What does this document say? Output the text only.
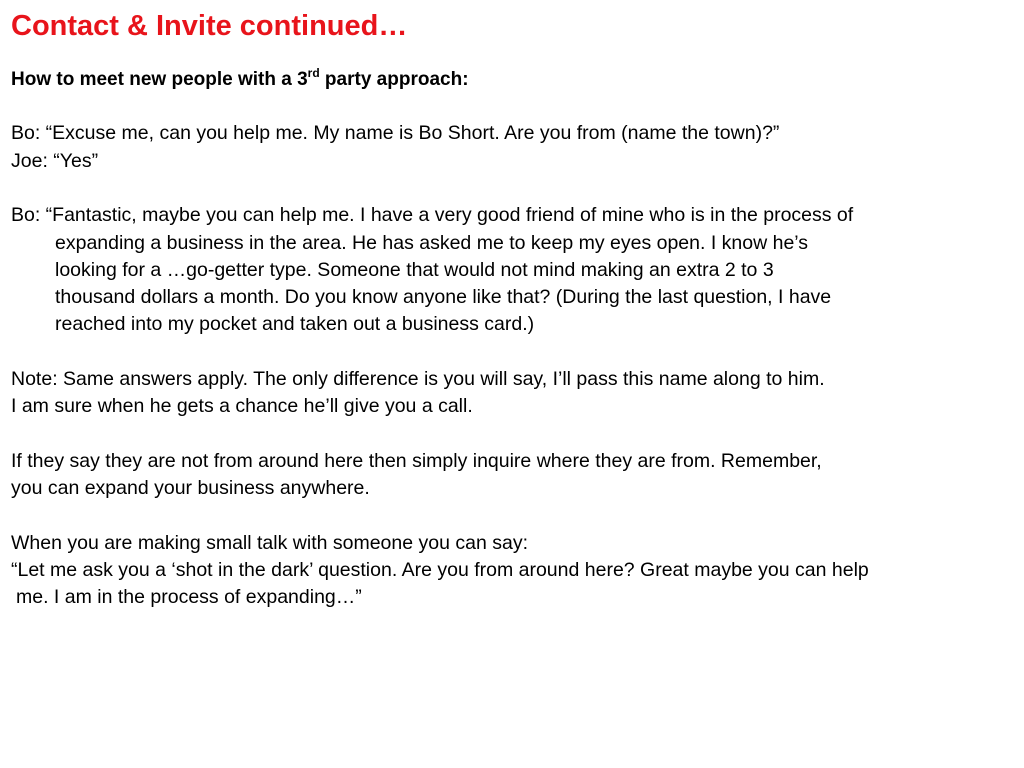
Contact & Invite continued…
How to meet new people with a 3rd party approach:
Bo: “Excuse me, can you help me. My name is Bo Short. Are you from (name the town)?”
Joe: “Yes”
Bo: “Fantastic, maybe you can help me. I have a very good friend of mine who is in the process of
expanding a business in the area. He has asked me to keep my eyes open. I know he’s
looking for a …go-getter type. Someone that would not mind making an extra 2 to 3
thousand dollars a month. Do you know anyone like that? (During the last question, I have
reached into my pocket and taken out a business card.)
Note: Same answers apply. The only difference is you will say, I’ll pass this name along to him.
I am sure when he gets a chance he’ll give you a call.
If they say they are not from around here then simply inquire where they are from. Remember,
you can expand your business anywhere.
When you are making small talk with someone you can say:
“Let me ask you a ‘shot in the dark’ question. Are you from around here? Great maybe you can help
me. I am in the process of expanding…”
